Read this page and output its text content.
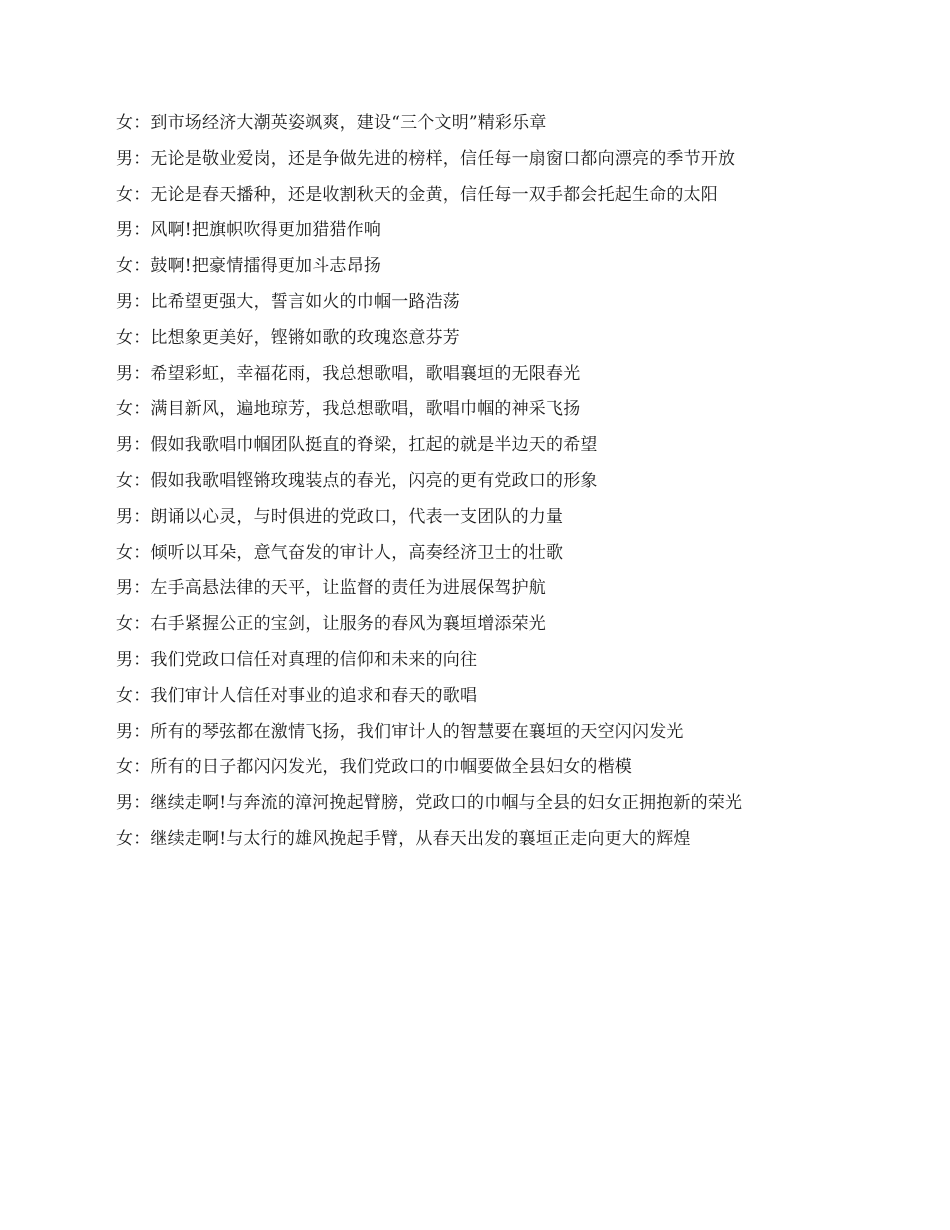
女：到市场经济大潮英姿飒爽，建设“三个文明”精彩乐章
男：无论是敬业爱岗，还是争做先进的榜样，信任每一扇窗口都向漂亮的季节开放
女：无论是春天播种，还是收割秋天的金黄，信任每一双手都会托起生命的太阳
男：风啊!把旗帜吹得更加猎猎作响
女：鼓啊!把豪情擂得更加斗志昂扬
男：比希望更强大，誓言如火的巾帼一路浩荡
女：比想象更美好，铿锵如歌的玫瑰恣意芬芳
男：希望彩虹，幸福花雨，我总想歌唱，歌唱襄垣的无限春光
女：满目新风，遍地琼芳，我总想歌唱，歌唱巾帼的神采飞扬
男：假如我歌唱巾帼团队挺直的脊梁，扛起的就是半边天的希望
女：假如我歌唱铿锵玫瑰装点的春光，闪亮的更有党政口的形象
男：朗诵以心灵，与时俱进的党政口，代表一支团队的力量
女：倾听以耳朵，意气奋发的审计人，高奏经济卫士的壮歌
男：左手高悬法律的天平，让监督的责任为进展保驾护航
女：右手紧握公正的宝剑，让服务的春风为襄垣增添荣光
男：我们党政口信任对真理的信仰和未来的向往
女：我们审计人信任对事业的追求和春天的歌唱
男：所有的琴弦都在激情飞扬，我们审计人的智慧要在襄垣的天空闪闪发光
女：所有的日子都闪闪发光，我们党政口的巾帼要做全县妇女的楷模
男：继续走啊!与奔流的漳河挽起臂膀，党政口的巾帼与全县的妇女正拥抱新的荣光
女：继续走啊!与太行的雄风挽起手臂，从春天出发的襄垣正走向更大的辉煌
